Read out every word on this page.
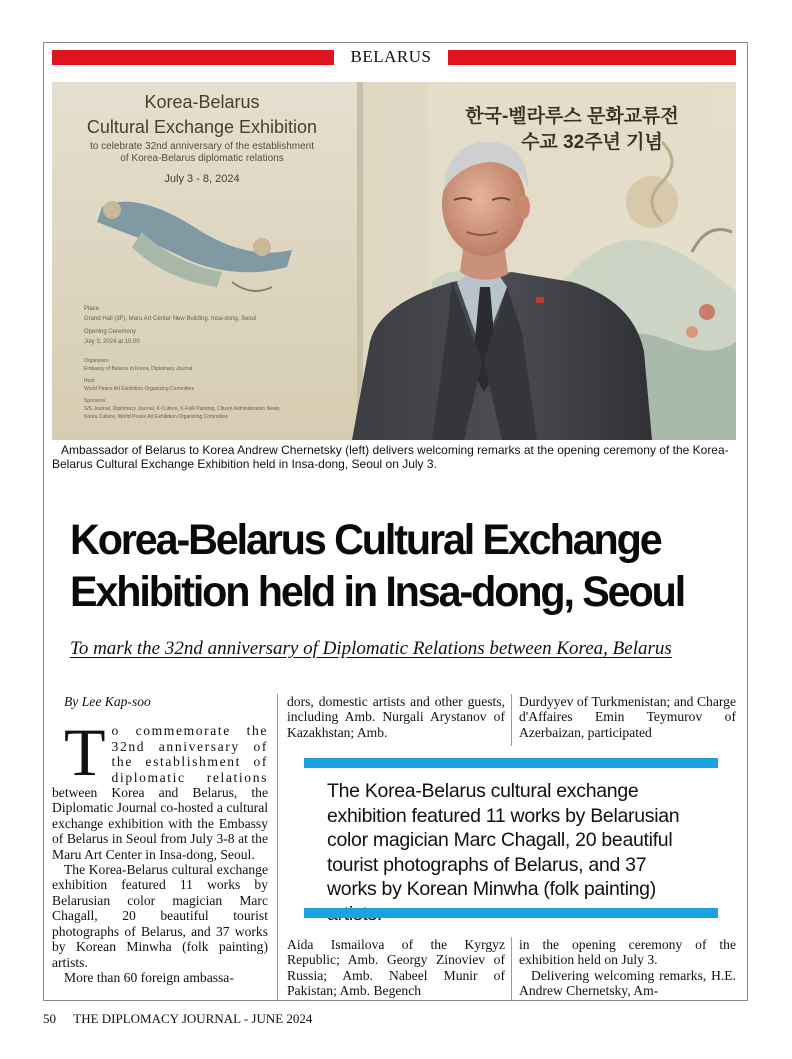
BELARUS
Korea-Belarus
Cultural Exchange Exhibition
to celebrate 32nd anniversary of the establishment
of Korea-Belarus diplomatic relations
July 3 - 8, 2024
Place
Grand Hall (3F), Maru Art Center New Building, Insa-dong, Seoul
Opening Ceremony
July 3, 2024 at 15:00
Organizers
Embassy of Belarus in Korea, Diplomacy Journal
Host
World Peace Art Exhibition Organizing Committee
Sponsors
S/S Journal, Diplomacy Journal, K-Culture, K-Folk Painting, Citizen Administration News,
Korea Culture, World Peace Art Exhibition Organizing Committee
한국-벨라루스 문화교류전
수교 32주년 기념
Ambassador of Belarus to Korea Andrew Chernetsky (left) delivers welcoming remarks at the opening ceremony of the Korea-Belarus Cultural Exchange Exhibition held in Insa-dong, Seoul on July 3.
Korea-Belarus Cultural Exchange
Exhibition held in Insa-dong, Seoul
To mark the 32nd anniversary of Diplomatic Relations between Korea, Belarus

By Lee Kap-soo

T o commemorate the 32nd anniversary of the establishment of diplomatic relations between Korea and Belarus, the Diplomatic Journal co-hosted a cultural exchange exhibition with the Embassy of Belarus in Seoul from July 3-8 at the Maru Art Center in Insa-dong, Seoul.

The Korea-Belarus cultural exchange exhibition featured 11 works by Belarusian color magician Marc Chagall, 20 beautiful tourist photographs of Belarus, and 37 works by Korean Minwha (folk painting) artists.

More than 60 foreign ambassa-

dors, domestic artists and other guests, including Amb. Nurgali Arystanov of Kazakhstan; Amb.

Durdyyev of Turkmenistan; and Charge d'Affaires Emin Teymurov of Azerbaizan, participated

The Korea-Belarus cultural exchange exhibition featured 11 works by Belarusian color magician Marc Chagall, 20 beautiful tourist photographs of Belarus, and 37 works by Korean Minwha (folk painting)

Aida Ismailova of the Kyrgyz Republic; Amb. Georgy Zinoviev of Russia; Amb. Nabeel Munir of Pakistan; Amb. Begench

in the opening ceremony of the exhibition held on July 3.

Delivering welcoming remarks, H.E. Andrew Chernetsky, Am-

50 THE DIPLOMACY JOURNAL - JUNE 2024
